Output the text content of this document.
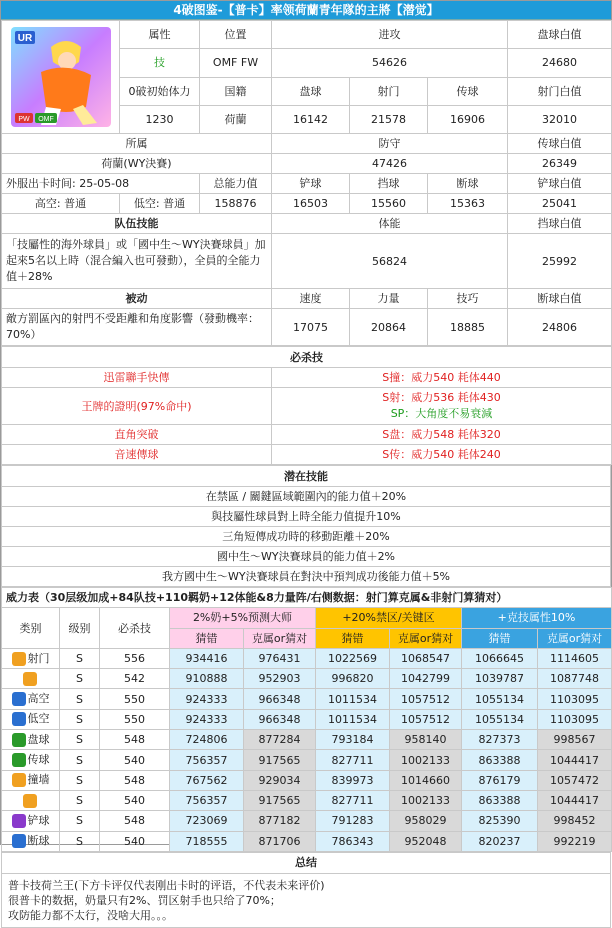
4破图鉴-【普卡】率领荷蘭青年隊的主將【潜觉】
UR
PW OMF	属性	位置	进攻			盘球白值
	技	OMF FW	54626			24680
	0破初始体力	国籍	盘球	射门	传球	射门白值
	1230	荷蘭	16142	21578	16906	32010
所属			防守			传球白值
荷蘭(WY決賽)			47426			26349
外服出卡时间: 25-05-08		总能力值	铲球	挡球	断球	铲球白值
高空: 普通	低空: 普通	158876	16503	15560	15363	25041
队伍技能			体能			挡球白值
「技屬性的海外球員」或「國中生～WY決賽球員」加起來5名以上時（混合編入也可發動），全員的全能力值＋28%			56824			25992
被动			速度	力量	技巧	断球白值
敵方罰區內的射門不受距離和角度影響（發動機率：70%）			17075	20864	18885	24806
必杀技	
迅雷聯手快傳	S撞：威力540 耗体440
王牌的證明(97%命中)	S射：威力536 耗体430
SP：大角度不易衰減

直角突破	S盘：威力548 耗体320
音速傳球	S传：威力540 耗体240
潜在技能
在禁區 / 關鍵區域範圍內的能力值＋20%
與技屬性球員對上時全能力值提升10%
三角短傳成功時的移動距離＋20%
國中生～WY決賽球員的能力值＋2%
我方國中生～WY決賽球員在對決中預判成功後能力值＋5%
威力表（30层级加成+84队技+110羁奶+12体能&8力量阵/右侧数据：射门算克属&非射门算猜对）								
类别	级别	必杀技	2%奶+5%预测大师		+20%禁区/关键区		+克技属性10%	
			猜错	克属or猜对	猜错	克属or猜对	猜错	克属or猜对
射门	S	556	934416	976431	1022569	1068547	1066645	1114605
	S	542	910888	952903	996820	1042799	1039787	1087748
高空	S	550	924333	966348	1011534	1057512	1055134	1103095
低空	S	550	924333	966348	1011534	1057512	1055134	1103095
盘球	S	548	724806	877284	793184	958140	827373	998567
传球	S	540	756357	917565	827711	1002133	863388	1044417
撞墙	S	548	767562	929034	839973	1014660	876179	1057472
	S	540	756357	917565	827711	1002133	863388	1044417
铲球	S	548	723069	877182	791283	958029	825390	998452
断球	S	540	718555	871706	786343	952048	820237	992219
总结

普卡技荷兰王(下方卡评仅代表刚出卡时的评语，不代表未来评价)
很普卡的数据，奶量只有2%、罚区射手也只给了70%；
攻防能力都不太行，没啥大用。。。
